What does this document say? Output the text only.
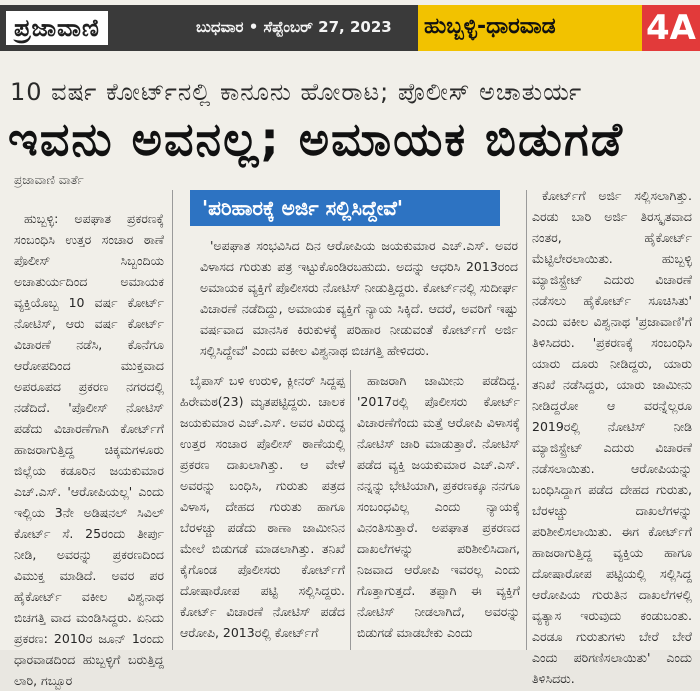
ಪ್ರಜಾವಾಣಿ	ಬುಧವಾರ • ಸೆಪ್ಟೆಂಬರ್ 27, 2023 ಹುಬ್ಬಳ್ಳಿ-ಧಾರವಾಡ	4A
10 ವರ್ಷ ಕೋರ್ಟ್‌ನಲ್ಲಿ ಕಾನೂನು ಹೋರಾಟ; ಪೊಲೀಸ್ ಅಚಾತುರ್ಯ
ಇವನು ಅವನಲ್ಲ; ಅಮಾಯಕ ಬಿಡುಗಡೆ
ಪ್ರಜಾವಾಣಿ ವಾರ್ತೆ

ಹುಬ್ಬಳ್ಳಿ: ಅಪಘಾತ ಪ್ರಕರಣಕ್ಕೆ ಸಂಬಂಧಿಸಿ ಉತ್ತರ ಸಂಚಾರ ಠಾಣೆ ಪೊಲೀಸ್ ಸಿಬ್ಬಂದಿಯ ಅಚಾತುರ್ಯದಿಂದ ಅಮಾಯಕ ವ್ಯಕ್ತಿಯೊಬ್ಬ 10 ವರ್ಷ ಕೋರ್ಟ್ ನೋಟಿಸ್, ಆರು ವರ್ಷ ಕೋರ್ಟ್ ವಿಚಾರಣೆ ನಡೆಸಿ, ಕೊನೆಗೂ ಆರೋಪದಿಂದ ಮುಕ್ತವಾದ ಅಪರೂಪದ ಪ್ರಕರಣ ನಗರದಲ್ಲಿ ನಡೆದಿದೆ. 'ಪೊಲೀಸ್ ನೋಟಿಸ್ ಪಡೆದು ವಿಚಾರಣೆಗಾಗಿ ಕೋರ್ಟ್‌ಗೆ ಹಾಜರಾಗುತ್ತಿದ್ದ ಚಿಕ್ಕಮಗಳೂರು ಜಿಲ್ಲೆಯ ಕಡೂರಿನ ಜಯಕುಮಾರ ಎಚ್.ಎಸ್. 'ಆರೋಪಿಯಲ್ಲ' ಎಂದು ಇಲ್ಲಿಯ 3ನೇ ಅಡಿಷನಲ್ ಸಿವಿಲ್ ಕೋರ್ಟ್ ಸೆ. 25ರಂದು ತೀರ್ಪು ನೀಡಿ, ಅವರನ್ನು ಪ್ರಕರಣದಿಂದ ವಿಮುಕ್ತ ಮಾಡಿದೆ. ಅವರ ಪರ ಹೈಕೋರ್ಟ್ ವಕೀಲ ವಿಶ್ವನಾಥ ಬಿಚಗತ್ತಿ ವಾದ ಮಂಡಿಸಿದ್ದರು. ಏನಿದು ಪ್ರಕರಣ: 2010ರ ಜೂನ್ 1ರಂದು ಧಾರವಾಡದಿಂದ ಹುಬ್ಬಳ್ಳಿಗೆ ಬರುತ್ತಿದ್ದ ಲಾರಿ, ಗಬ್ಬೂರ

'ಪರಿಹಾರಕ್ಕೆ ಅರ್ಜಿ ಸಲ್ಲಿಸಿದ್ದೇವೆ'

'ಅಪಘಾತ ಸಂಭವಿಸಿದ ದಿನ ಆರೋಪಿಯ ಜಯಕುಮಾರ ಎಚ್.ಎಸ್. ಅವರ ವಿಳಾಸದ ಗುರುತು ಪತ್ರ ಇಟ್ಟುಕೊಂಡಿರಬಹುದು. ಅದನ್ನು ಆಧರಿಸಿ 2013ರಂದ ಅಮಾಯಕ ವ್ಯಕ್ತಿಗೆ ಪೊಲೀಸರು ನೋಟಿಸ್ ನೀಡುತ್ತಿದ್ದರು. ಕೋರ್ಟ್‌ನಲ್ಲಿ ಸುದೀರ್ಘ ವಿಚಾರಣೆ ನಡೆದಿದ್ದು, ಅಮಾಯಕ ವ್ಯಕ್ತಿಗೆ ನ್ಯಾಯ ಸಿಕ್ಕಿದೆ. ಆದರೆ, ಅವರಿಗೆ ಇಷ್ಟು ವರ್ಷವಾದ ಮಾನಸಿಕ ಕಿರುಕುಳಕ್ಕೆ ಪರಿಹಾರ ನೀಡುವಂತೆ ಕೋರ್ಟ್‌ಗೆ ಅರ್ಜಿ ಸಲ್ಲಿಸಿದ್ದೇವೆ' ಎಂದು ವಕೀಲ ವಿಶ್ವನಾಥ ಬಿಚಗತ್ತಿ ಹೇಳಿದರು.

ಬೈಪಾಸ್ ಬಳಿ ಉರುಳಿ, ಕ್ಲೀನರ್ ಸಿದ್ದಪ್ಪ ಹಿರೇಮಠ(23) ಮೃತಪಟ್ಟಿದ್ದರು. ಚಾಲಕ ಜಯಕುಮಾರ ಎಚ್.ಎಸ್. ಅವರ ವಿರುದ್ಧ ಉತ್ತರ ಸಂಚಾರ ಪೊಲೀಸ್ ಠಾಣೆಯಲ್ಲಿ ಪ್ರಕರಣ ದಾಖಲಾಗಿತ್ತು. ಆ ವೇಳೆ ಅವರನ್ನು ಬಂಧಿಸಿ, ಗುರುತು ಪತ್ರದ ವಿಳಾಸ, ದೇಹದ ಗುರುತು ಹಾಗೂ ಬೆರಳಚ್ಚು ಪಡೆದು ಠಾಣಾ ಜಾಮೀನಿನ ಮೇಲೆ ಬಿಡುಗಡೆ ಮಾಡಲಾಗಿತ್ತು. ತನಿಖೆ ಕೈಗೊಂಡ ಪೊಲೀಸರು ಕೋರ್ಟ್‌ಗೆ ದೋಷಾರೋಪ ಪಟ್ಟಿ ಸಲ್ಲಿಸಿದ್ದರು. ಕೋರ್ಟ್ ವಿಚಾರಣೆ ನೋಟಿಸ್ ಪಡೆದ ಆರೋಪಿ, 2013ರಲ್ಲಿ ಕೋರ್ಟ್‌ಗೆ

ಹಾಜರಾಗಿ ಜಾಮೀನು ಪಡೆದಿದ್ದ. '2017ರಲ್ಲಿ ಪೊಲೀಸರು ಕೋರ್ಟ್ ವಿಚಾರಣೆಗೆಂದು ಮತ್ತೆ ಆರೋಪಿ ವಿಳಾಸಕ್ಕೆ ನೋಟಿಸ್ ಜಾರಿ ಮಾಡುತ್ತಾರೆ. ನೋಟಿಸ್ ಪಡೆದ ವ್ಯಕ್ತಿ ಜಯಕುಮಾರ ಎಚ್.ಎಸ್. ನನ್ನನ್ನು ಭೇಟಿಯಾಗಿ, ಪ್ರಕರಣಕ್ಕೂ ನನಗೂ ಸಂಬಂಧವಿಲ್ಲ ಎಂದು ನ್ಯಾಯಕ್ಕೆ ವಿನಂತಿಸುತ್ತಾರೆ. ಅಪಘಾತ ಪ್ರಕರಣದ ದಾಖಲೆಗಳನ್ನು ಪರಿಶೀಲಿಸಿದಾಗ, ನಿಜವಾದ ಆರೋಪಿ ಇವರಲ್ಲ ಎಂದು ಗೊತ್ತಾಗುತ್ತದೆ. ತಪ್ಪಾಗಿ ಈ ವ್ಯಕ್ತಿಗೆ ನೋಟಿಸ್ ನೀಡಲಾಗಿದೆ, ಅವರನ್ನು ಬಿಡುಗಡೆ ಮಾಡಬೇಕು ಎಂದು

ಕೋರ್ಟ್‌ಗೆ ಅರ್ಜಿ ಸಲ್ಲಿಸಲಾಗಿತ್ತು. ಎರಡು ಬಾರಿ ಅರ್ಜಿ ತಿರಸ್ಕೃತವಾದ ನಂತರ, ಹೈಕೋರ್ಟ್ ಮೆಟ್ಟಿಲೇರಲಾಯಿತು. ಹುಬ್ಬಳ್ಳಿ ಮ್ಯಾಜಿಸ್ಟ್ರೇಟ್ ಎದುರು ವಿಚಾರಣೆ ನಡೆಸಲು ಹೈಕೋರ್ಟ್ ಸೂಚಿಸಿತು' ಎಂದು ವಕೀಲ ವಿಶ್ವನಾಥ 'ಪ್ರಜಾವಾಣಿ'ಗೆ ತಿಳಿಸಿದರು. 'ಪ್ರಕರಣಕ್ಕೆ ಸಂಬಂಧಿಸಿ ಯಾರು ದೂರು ನೀಡಿದ್ದರು, ಯಾರು ತನಿಖೆ ನಡೆಸಿದ್ದರು, ಯಾರು ಜಾಮೀನು ನೀಡಿದ್ದರೋ ಆ ವರನ್ನೆಲ್ಲರೂ 2019ರಲ್ಲಿ ನೋಟಿಸ್ ನೀಡಿ ಮ್ಯಾಜಿಸ್ಟ್ರೇಟ್ ಎದುರು ವಿಚಾರಣೆ ನಡೆಸಲಾಯಿತು. ಆರೋಪಿಯನ್ನು ಬಂಧಿಸಿದ್ದಾಗ ಪಡೆದ ದೇಹದ ಗುರುತು, ಬೆರಳಚ್ಚು ದಾಖಲೆಗಳನ್ನು ಪರಿಶೀಲಿಸಲಾಯಿತು. ಈಗ ಕೋರ್ಟ್‌ಗೆ ಹಾಜರಾಗುತ್ತಿದ್ದ ವ್ಯಕ್ತಿಯ ಹಾಗೂ ದೋಷಾರೋಪ ಪಟ್ಟಿಯಲ್ಲಿ ಸಲ್ಲಿಸಿದ್ದ ಆರೋಪಿಯ ಗುರುತಿನ ದಾಖಲೆಗಳಲ್ಲಿ ವ್ಯತ್ಯಾಸ ಇರುವುದು ಕಂಡುಬಂತು. ಎರಡೂ ಗುರುತುಗಳು ಬೇರೆ ಬೇರೆ ಎಂದು ಪರಿಗಣಿಸಲಾಯಿತು' ಎಂದು ತಿಳಿಸಿದರು.
